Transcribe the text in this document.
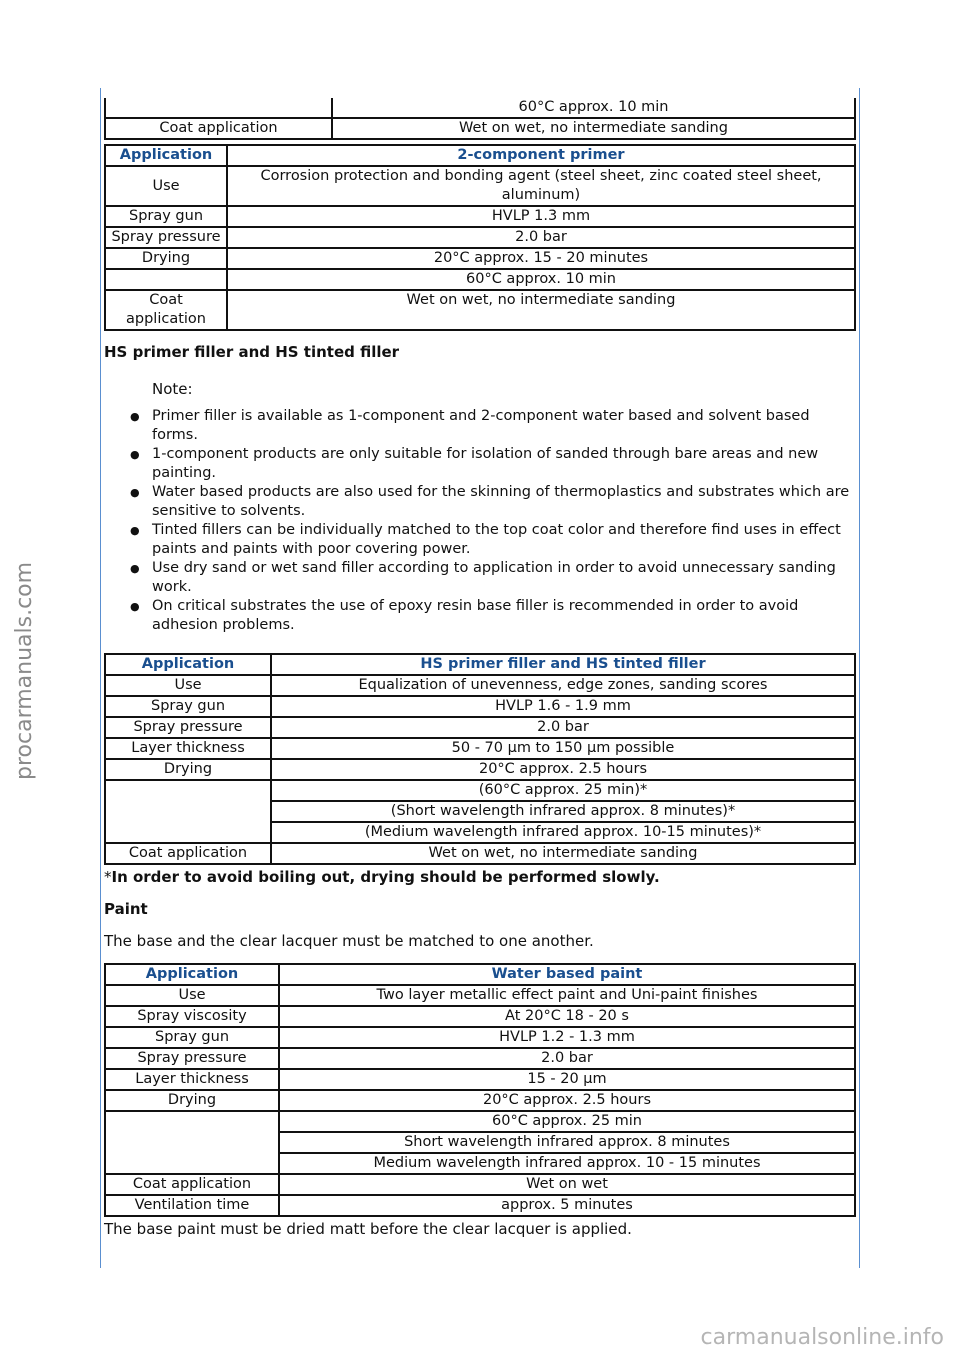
procarmanuals.com
carmanualsonline.info
	60°C approx. 10 min
Coat application	Wet on wet, no intermediate sanding
Application	2-component primer
Use	Corrosion protection and bonding agent (steel sheet, zinc coated steel sheet, aluminum)
Spray gun	HVLP 1.3 mm
Spray pressure	2.0 bar
Drying	20°C approx. 15 - 20 minutes
	60°C approx. 10 min
Coat application	Wet on wet, no intermediate sanding
HS primer filler and HS tinted filler

Note:

● Primer filler is available as 1-component and 2-component water based and solvent based forms.
● 1-component products are only suitable for isolation of sanded through bare areas and new painting.
● Water based products are also used for the skinning of thermoplastics and substrates which are sensitive to solvents.
● Tinted fillers can be individually matched to the top coat color and therefore find uses in effect paints and paints with poor covering power.
● Use dry sand or wet sand filler according to application in order to avoid unnecessary sanding work.
● On critical substrates the use of epoxy resin base filler is recommended in order to avoid adhesion problems.
Application	HS primer filler and HS tinted filler
Use	Equalization of unevenness, edge zones, sanding scores
Spray gun	HVLP 1.6 - 1.9 mm
Spray pressure	2.0 bar
Layer thickness	50 - 70 µm to 150 µm possible
Drying	20°C approx. 2.5 hours
	(60°C approx. 25 min)*
	(Short wavelength infrared approx. 8 minutes)*
	(Medium wavelength infrared approx. 10-15 minutes)*
Coat application	Wet on wet, no intermediate sanding

*In order to avoid boiling out, drying should be performed slowly.

Paint

The base and the clear lacquer must be matched to one another.

Application	Water based paint
Use	Two layer metallic effect paint and Uni-paint finishes
Spray viscosity	At 20°C 18 - 20 s
Spray gun	HVLP 1.2 - 1.3 mm
Spray pressure	2.0 bar
Layer thickness	15 - 20 µm
Drying	20°C approx. 2.5 hours
	60°C approx. 25 min
	Short wavelength infrared approx. 8 minutes
	Medium wavelength infrared approx. 10 - 15 minutes
Coat application	Wet on wet
Ventilation time	approx. 5 minutes

The base paint must be dried matt before the clear lacquer is applied.
